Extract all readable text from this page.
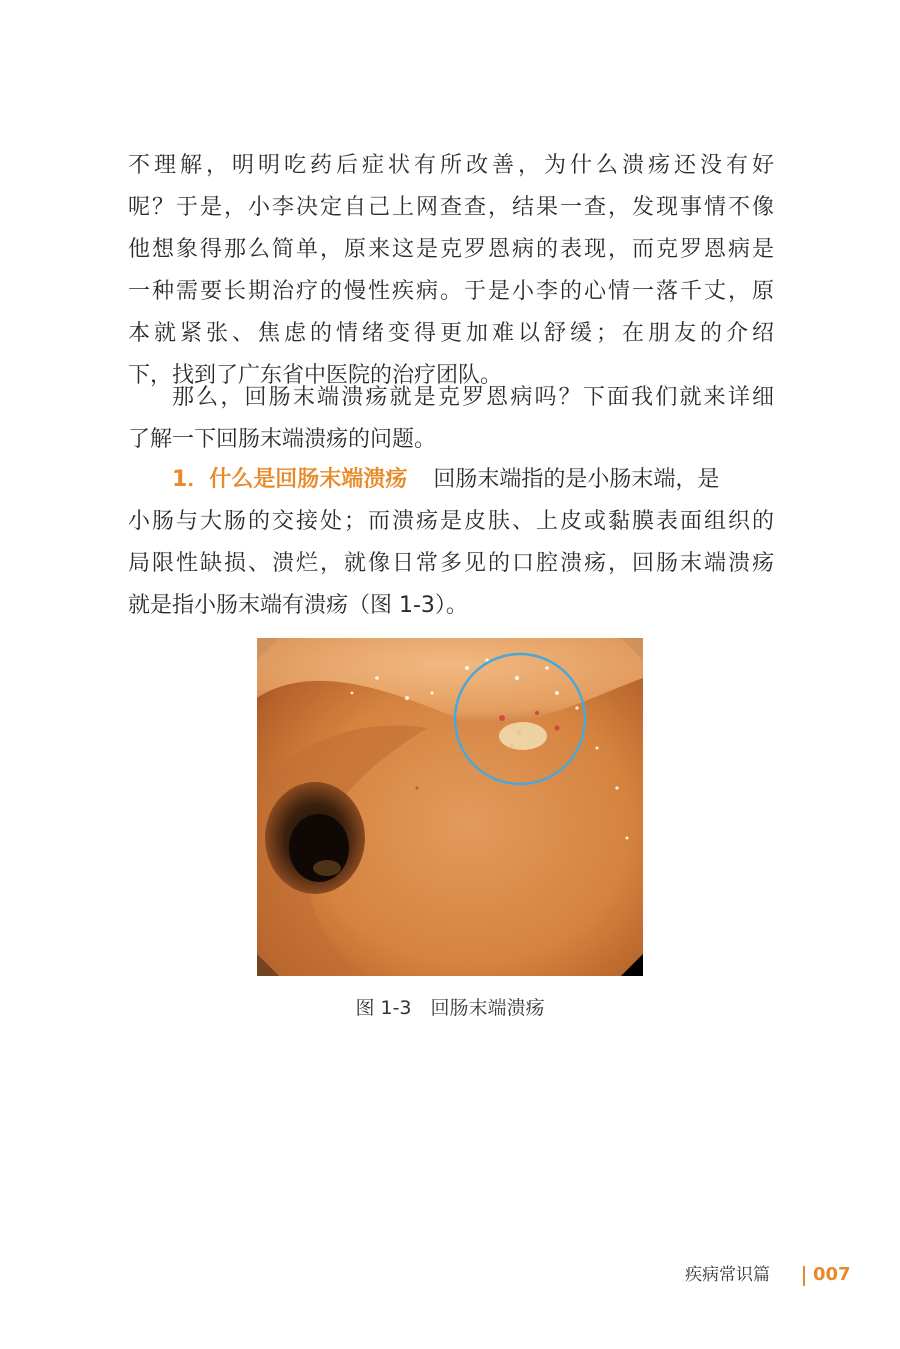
不理解，明明吃药后症状有所改善，为什么溃疡还没有好
呢？于是，小李决定自己上网查查，结果一查，发现事情不像
他想象得那么简单，原来这是克罗恩病的表现，而克罗恩病是
一种需要长期治疗的慢性疾病。于是小李的心情一落千丈，原
本就紧张、焦虑的情绪变得更加难以舒缓；在朋友的介绍
下，找到了广东省中医院的治疗团队。
那么，回肠末端溃疡就是克罗恩病吗？下面我们就来详细
了解一下回肠末端溃疡的问题。
1．什么是回肠末端溃疡 回肠末端指的是小肠末端，是
小肠与大肠的交接处；而溃疡是皮肤、上皮或黏膜表面组织的
局限性缺损、溃烂，就像日常多见的口腔溃疡，回肠末端溃疡
就是指小肠末端有溃疡（图 1-3）。
图 1-3　回肠末端溃疡
疾病常识篇 007
